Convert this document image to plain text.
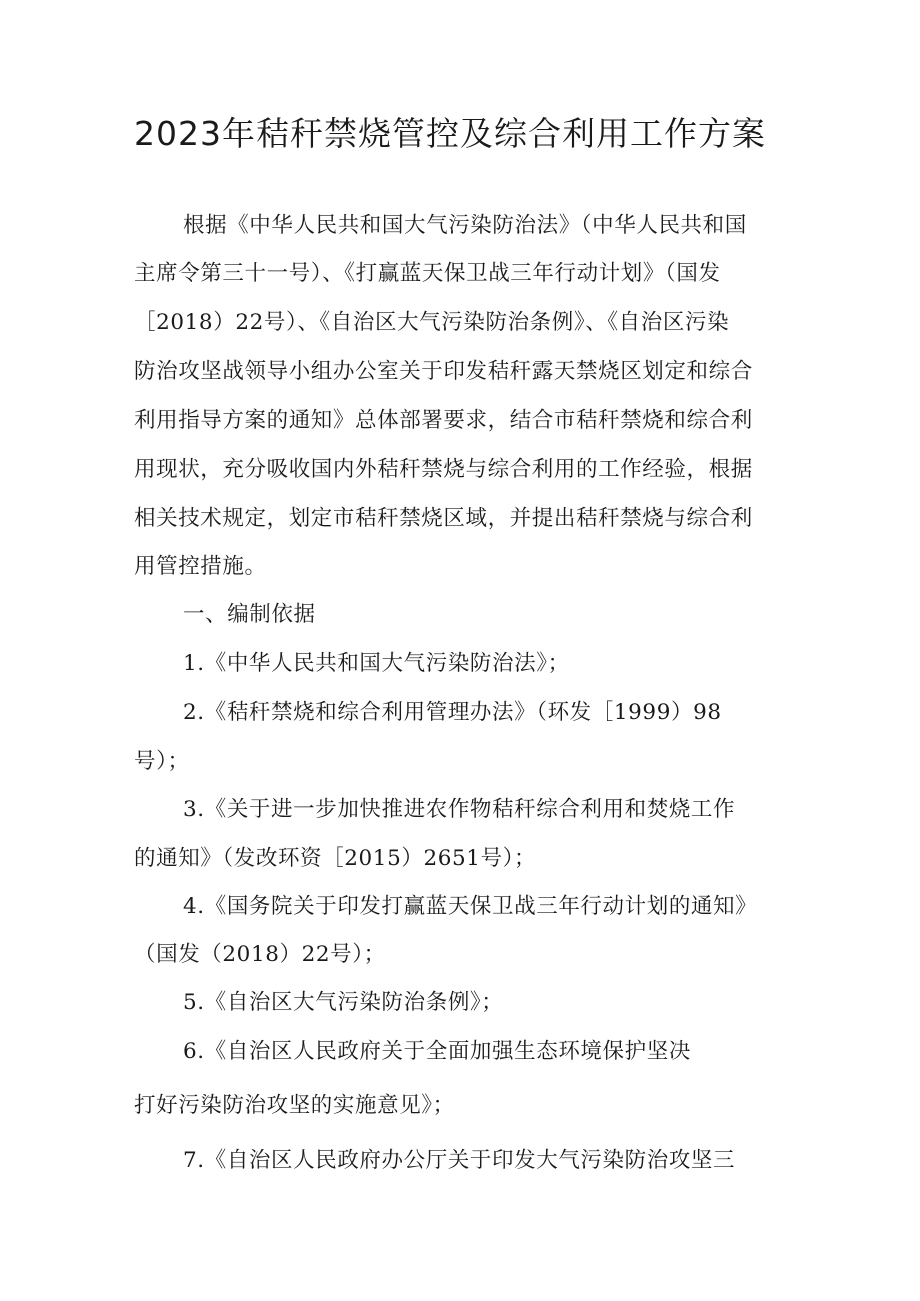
2023年秸秆禁烧管控及综合利用工作方案

根据《中华人民共和国大气污染防治法》（中华人民共和国

主席令第三十一号）、《打赢蓝天保卫战三年行动计划》（国发

［2018）22号）、《自治区大气污染防治条例》、《自治区污染

防治攻坚战领导小组办公室关于印发秸秆露天禁烧区划定和综合

利用指导方案的通知》总体部署要求，结合市秸秆禁烧和综合利

用现状，充分吸收国内外秸秆禁烧与综合利用的工作经验，根据

相关技术规定，划定市秸秆禁烧区域，并提出秸秆禁烧与综合利

用管控措施。

一、编制依据

1.《中华人民共和国大气污染防治法》；

2.《秸秆禁烧和综合利用管理办法》（环发［1999）98

号）；

3.《关于进一步加快推进农作物秸秆综合利用和焚烧工作

的通知》（发改环资［2015）2651号）；

4.《国务院关于印发打赢蓝天保卫战三年行动计划的通知》

（国发（2018）22号）；

5.《自治区大气污染防治条例》；

6.《自治区人民政府关于全面加强生态环境保护坚决

打好污染防治攻坚的实施意见》；

7.《自治区人民政府办公厅关于印发大气污染防治攻坚三
